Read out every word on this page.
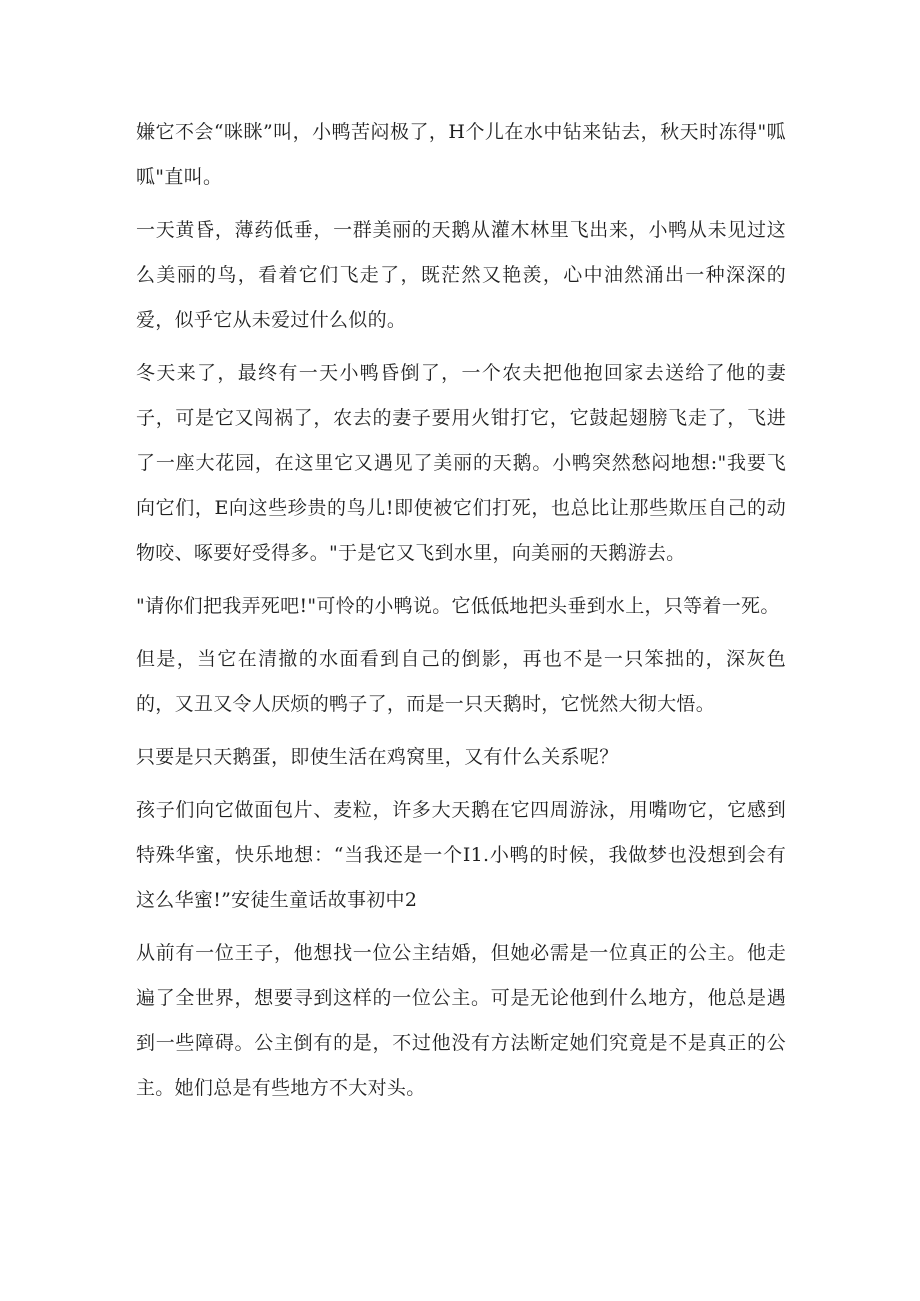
嫌它不会“咪眯”叫，小鸭苦闷极了，H个儿在水中钻来钻去，秋天时冻得"呱呱"直叫。

一天黄昏，薄药低垂，一群美丽的天鹅从灌木林里飞出来，小鸭从未见过这么美丽的鸟，看着它们飞走了，既茫然又艳羡，心中油然涌出一种深深的爱，似乎它从未爱过什么似的。

冬天来了，最终有一天小鸭昏倒了，一个农夫把他抱回家去送给了他的妻子，可是它又闯祸了，农去的妻子要用火钳打它，它鼓起翅膀飞走了，飞进了一座大花园，在这里它又遇见了美丽的天鹅。小鸭突然愁闷地想:"我要飞向它们，E向这些珍贵的鸟儿!即使被它们打死，也总比让那些欺压自己的动物咬、啄要好受得多。"于是它又飞到水里，向美丽的天鹅游去。

"请你们把我弄死吧!"可怜的小鸭说。它低低地把头垂到水上，只等着一死。

但是，当它在清撤的水面看到自己的倒影，再也不是一只笨拙的，深灰色的，又丑又令人厌烦的鸭子了，而是一只天鹅时，它恍然大彻大悟。

只要是只天鹅蛋，即使生活在鸡窝里，又有什么关系呢？

孩子们向它做面包片、麦粒，许多大天鹅在它四周游泳，用嘴吻它，它感到特殊华蜜，快乐地想：“当我还是一个I1.小鸭的时候，我做梦也没想到会有这么华蜜!”安徒生童话故事初中2

从前有一位王子，他想找一位公主结婚，但她必需是一位真正的公主。他走遍了全世界，想要寻到这样的一位公主。可是无论他到什么地方，他总是遇到一些障碍。公主倒有的是，不过他没有方法断定她们究竟是不是真正的公主。她们总是有些地方不大对头。
